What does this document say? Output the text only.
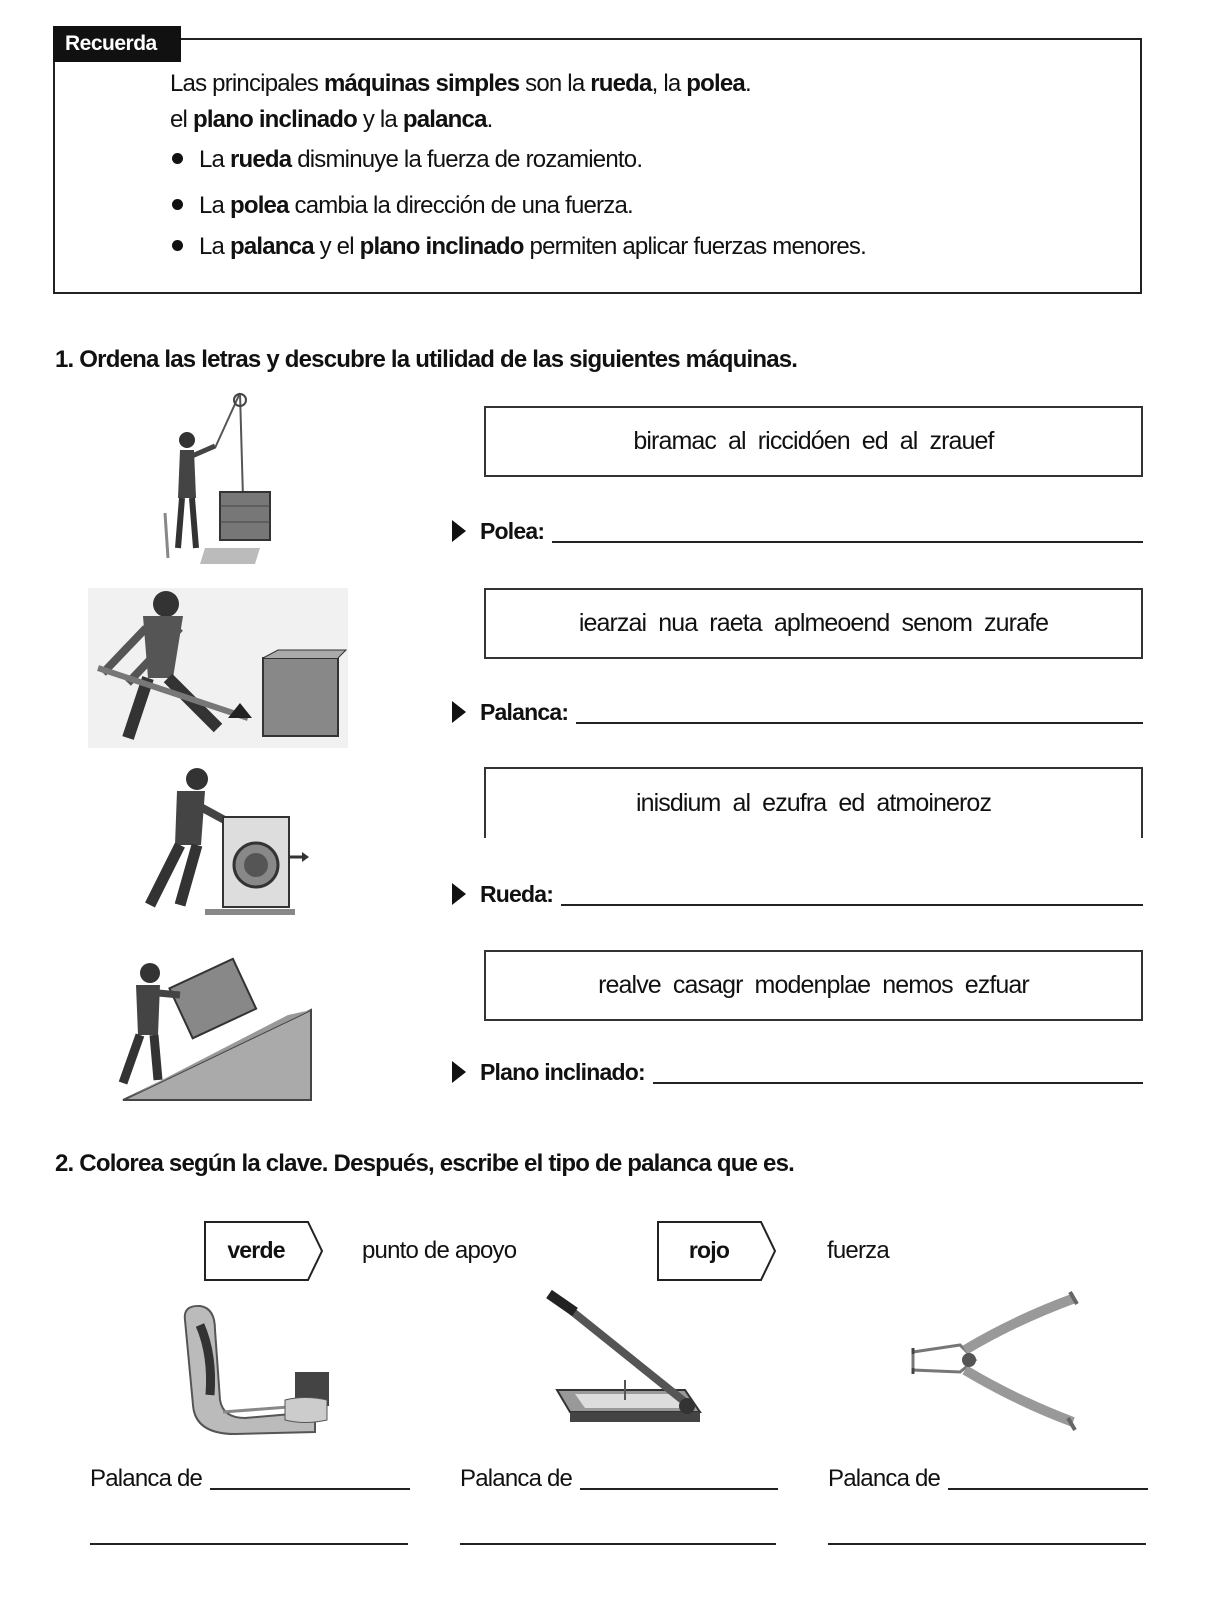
Recuerda
Las principales máquinas simples son la rueda, la polea.
el plano inclinado y la palanca.
La rueda disminuye la fuerza de rozamiento.
La polea cambia la dirección de una fuerza.
La palanca y el plano inclinado permiten aplicar fuerzas menores.
1. Ordena las letras y descubre la utilidad de las siguientes máquinas.
biramac al riccidóen ed al zrauef
Polea:
iearzai nua raeta aplmeoend senom zurafe
Palanca:
inisdium al ezufra ed atmoineroz
Rueda:
realve casagr modenplae nemos ezfuar
Plano inclinado:
2. Colorea según la clave. Después, escribe el tipo de palanca que es.
verde	punto de apoyo	rojo	fuerza
Palanca de	Palanca de	Palanca de
